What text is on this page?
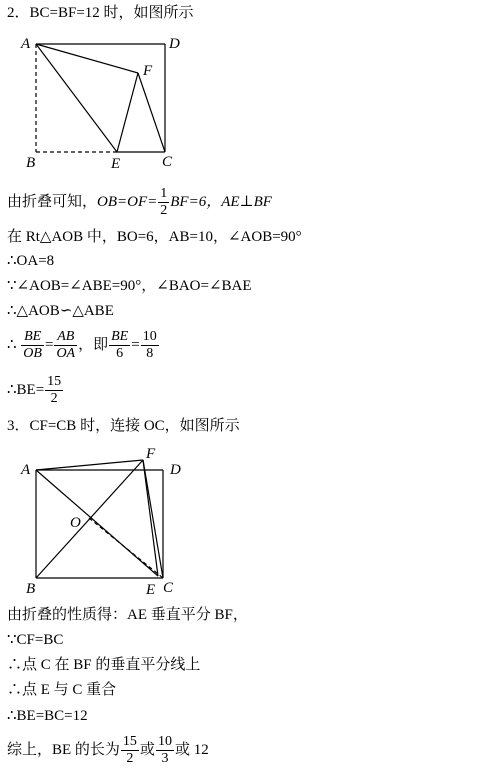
2．BC=BF=12 时，如图所示
A	D
F
B	E	C
由折叠可知，$OB=OF= \frac{1}{2} BF=6$，AE⊥BF
在 Rt△AOB 中，BO=6，AB=10，∠AOB=90°
∴OA=8
∵∠AOB=∠ABE=90°，∠BAO=∠BAE
∴△AOB∽△ABE
∴ $\frac{BE}{OB} = \frac{AB}{OA}$ ，即 $\frac{BE}{6} = \frac{10}{8}$
∴BE= $\frac{15}{2}$
3．CF=CB 时，连接 OC，如图所示
A
F
D
O
B	E C
由折叠的性质得：AE 垂直平分 BF，
∵CF=BC
∴点 C 在 BF 的垂直平分线上
∴点 E 与 C 重合
∴BE=BC=12
综上，BE 的长为 $\frac{15}{2}$ 或 $\frac{10}{3}$ 或 12
